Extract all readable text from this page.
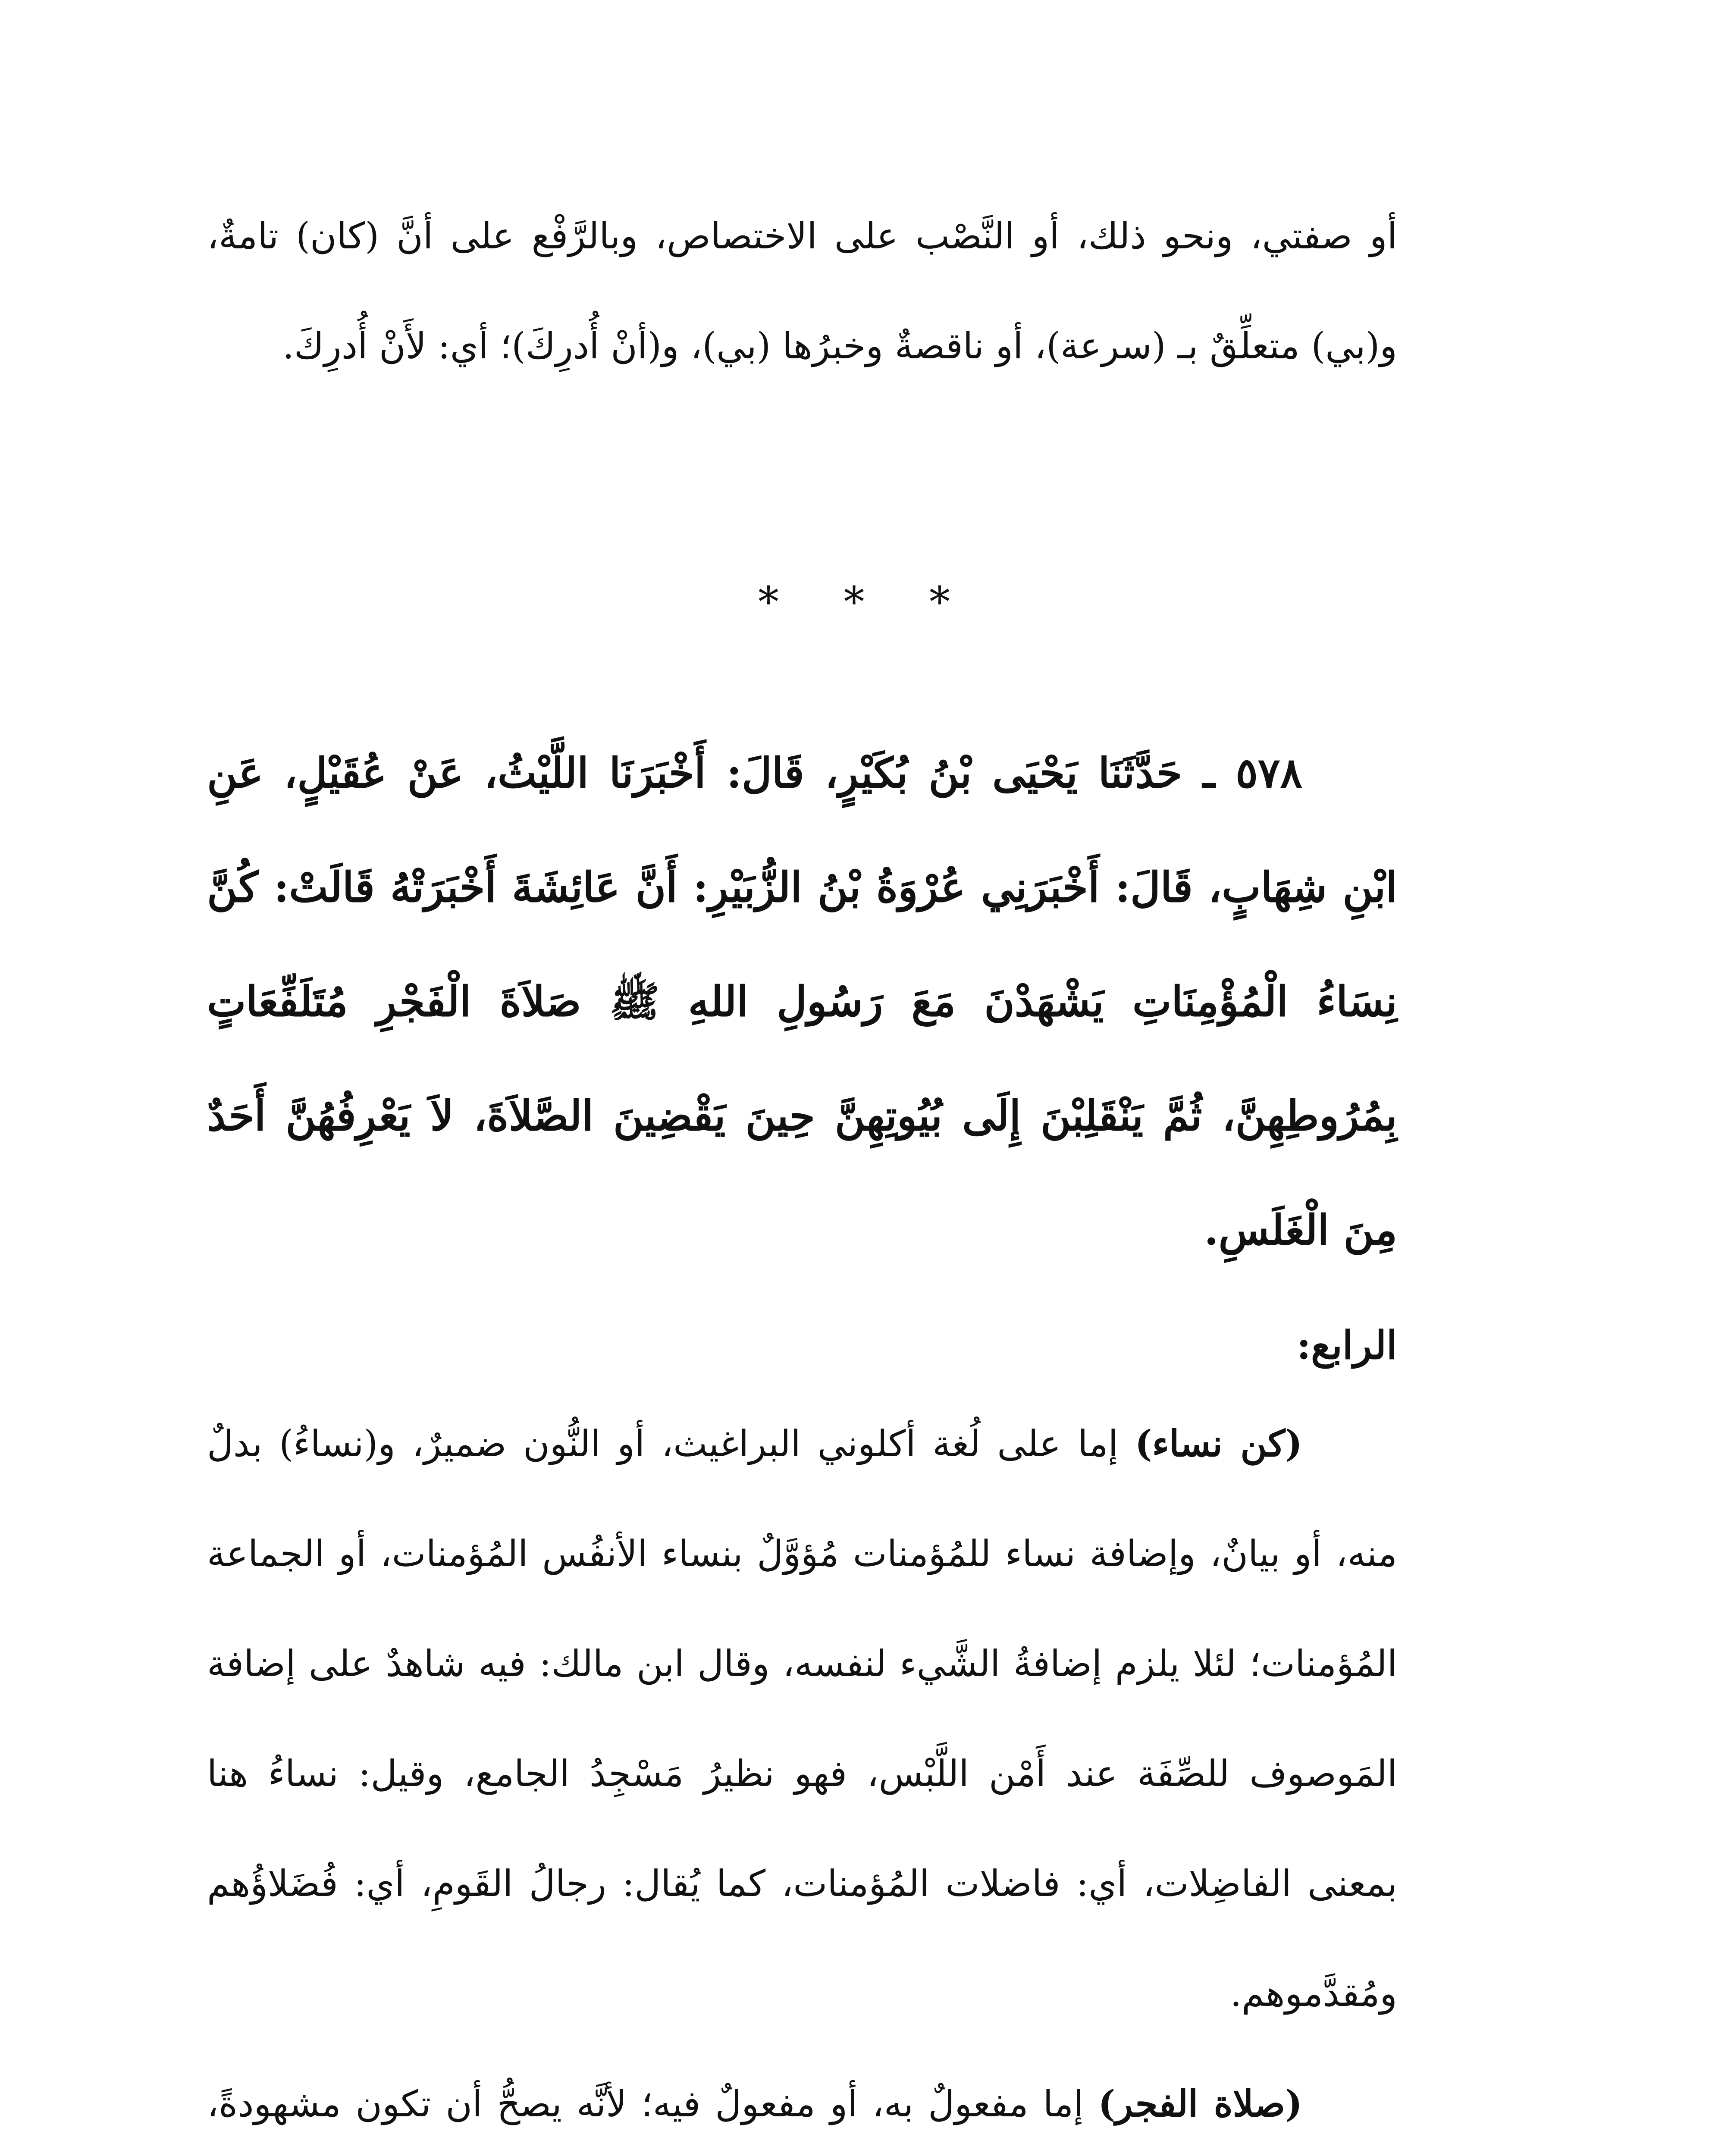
أو صفتي، ونحو ذلك، أو النَّصْب على الاختصاص، وبالرَّفْع على أنَّ (كان) تامةٌ، و(بي) متعلِّقٌ بـ (سرعة)، أو ناقصةٌ وخبرُها (بي)، و(أنْ أُدرِكَ)؛ أي: لأَنْ أُدرِكَ.

* * *

٥٧٨ ـ حَدَّثَنَا يَحْيَى بْنُ بُكَيْرٍ، قَالَ: أَخْبَرَنَا اللَّيْثُ، عَنْ عُقَيْلٍ، عَنِ ابْنِ شِهَابٍ، قَالَ: أَخْبَرَنِي عُرْوَةُ بْنُ الزُّبَيْرِ: أَنَّ عَائِشَةَ أَخْبَرَتْهُ قَالَتْ: كُنَّ نِسَاءُ الْمُؤْمِنَاتِ يَشْهَدْنَ مَعَ رَسُولِ اللهِ ﷺ صَلاَةَ الْفَجْرِ مُتَلَفِّعَاتٍ بِمُرُوطِهِنَّ، ثُمَّ يَنْقَلِبْنَ إِلَى بُيُوتِهِنَّ حِينَ يَقْضِينَ الصَّلاَةَ، لاَ يَعْرِفُهُنَّ أَحَدٌ مِنَ الْغَلَسِ.

الرابع:

(كن نساء) إما على لُغة أكلوني البراغيث، أو النُّون ضميرٌ، و(نساءُ) بدلٌ منه، أو بيانٌ، وإضافة نساء للمُؤمنات مُؤوَّلٌ بنساء الأنفُس المُؤمنات، أو الجماعة المُؤمنات؛ لئلا يلزم إضافةُ الشَّيء لنفسه، وقال ابن مالك: فيه شاهدٌ على إضافة المَوصوف للصِّفَة عند أَمْن اللَّبْس، فهو نظيرُ مَسْجِدُ الجامع، وقيل: نساءُ هنا بمعنى الفاضِلات، أي: فاضلات المُؤمنات، كما يُقال: رجالُ القَومِ، أي: فُضَلاؤُهم ومُقدَّموهم.

(صلاة الفجر) إما مفعولٌ به، أو مفعولٌ فيه؛ لأنَّه يصحُّ أن تكون مشهودةً،
